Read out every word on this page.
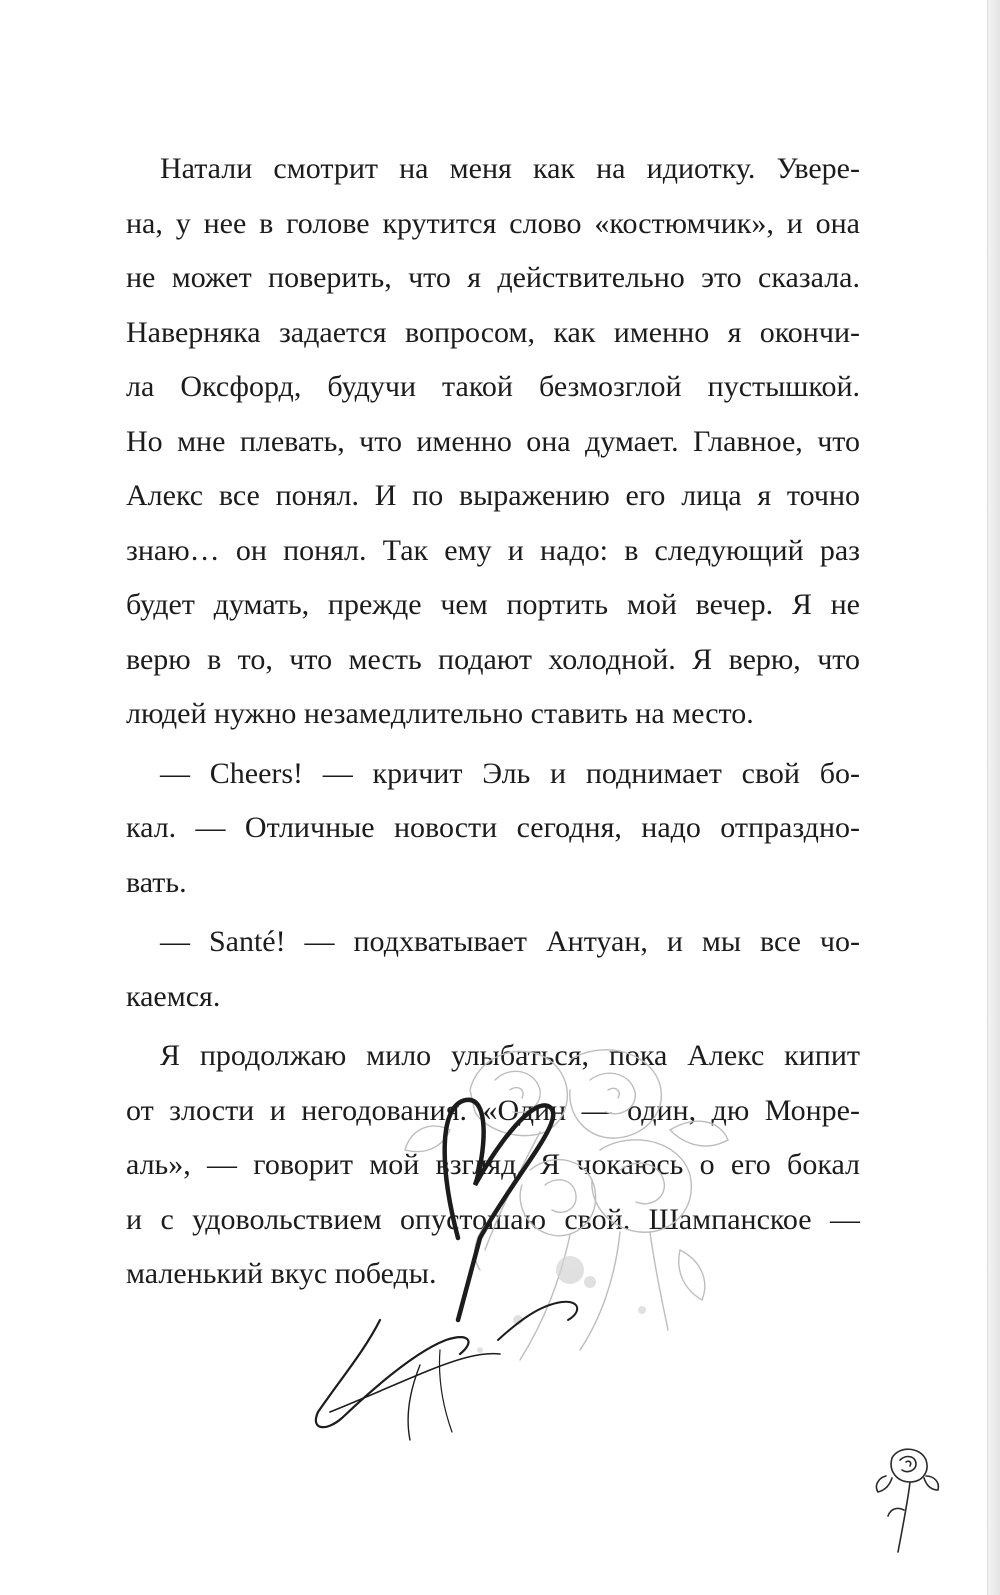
Натали смотрит на меня как на идиотку. Увере-
на, у нее в голове крутится слово «костюмчик», и она
не может поверить, что я действительно это сказала.
Наверняка задается вопросом, как именно я окончи-
ла Оксфорд, будучи такой безмозглой пустышкой.
Но мне плевать, что именно она думает. Главное, что
Алекс все понял. И по выражению его лица я точно
знаю… он понял. Так ему и надо: в следующий раз
будет думать, прежде чем портить мой вечер. Я не
верю в то, что месть подают холодной. Я верю, что
людей нужно незамедлительно ставить на место.
— Cheers! — кричит Эль и поднимает свой бо-
кал. — Отличные новости сегодня, надо отпраздно-
вать.
— Santé! — подхватывает Антуан, и мы все чо-
каемся.
Я продолжаю мило улыбаться, пока Алекс кипит
от злости и негодования. «Один — один, дю Монре-
аль», — говорит мой взгляд. Я чокаюсь о его бокал
и с удовольствием опустошаю свой. Шампанское —
маленький вкус победы.
